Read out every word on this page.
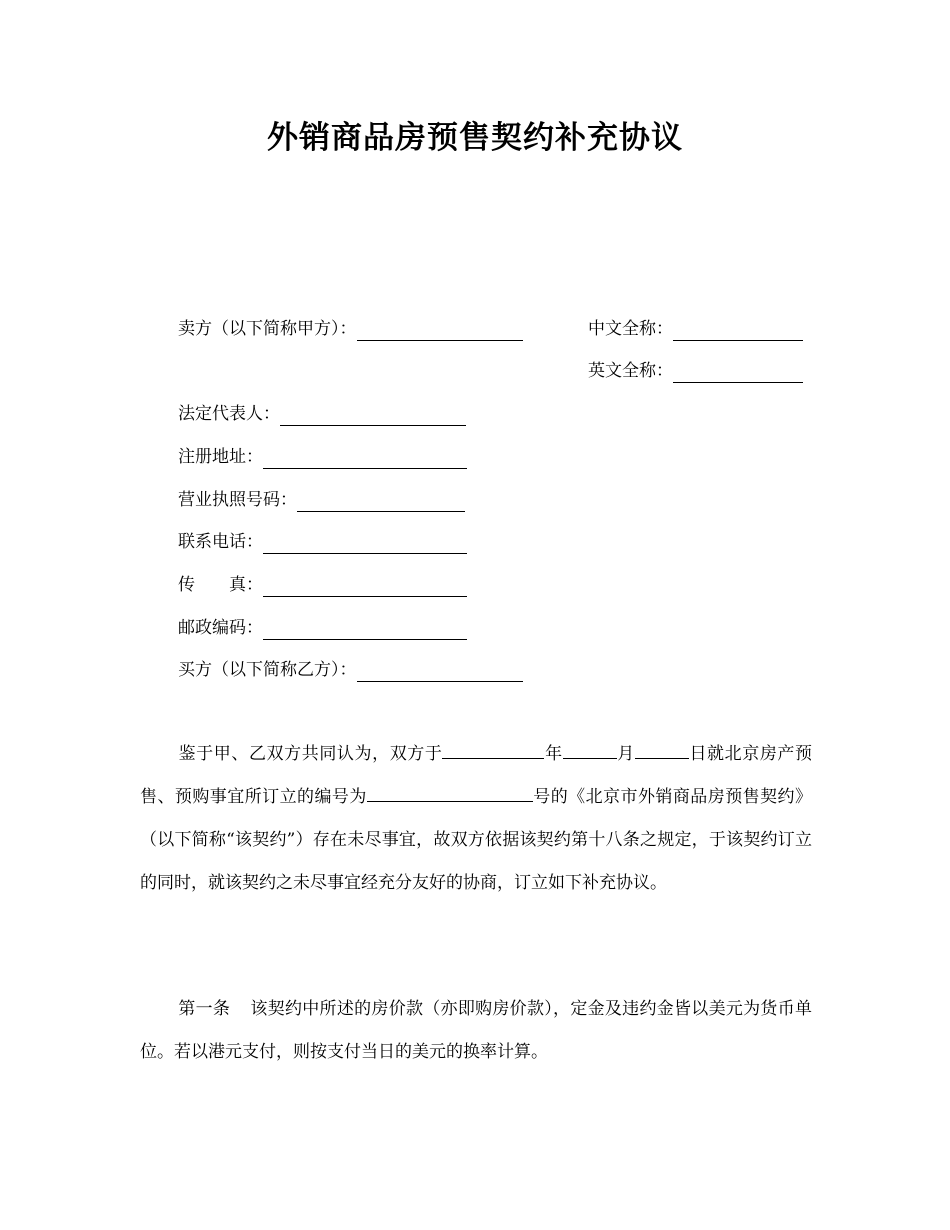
外销商品房预售契约补充协议
卖方（以下简称甲方）：	中文全称：
英文全称：
法定代表人：
注册地址：
营业执照号码：
联系电话：
传　　真：
邮政编码：
买方（以下简称乙方）：
鉴于甲、乙双方共同认为，双方于	年	月	日就北京房产预售、预购事宜所订立的编号为	号的《北京市外销商品房预售契约》（以下简称“该契约”）存在未尽事宜，故双方依据该契约第十八条之规定，于该契约订立的同时，就该契约之未尽事宜经充分友好的协商，订立如下补充协议。
第一条 该契约中所述的房价款（亦即购房价款），定金及违约金皆以美元为货币单位。若以港元支付，则按支付当日的美元的换率计算。
